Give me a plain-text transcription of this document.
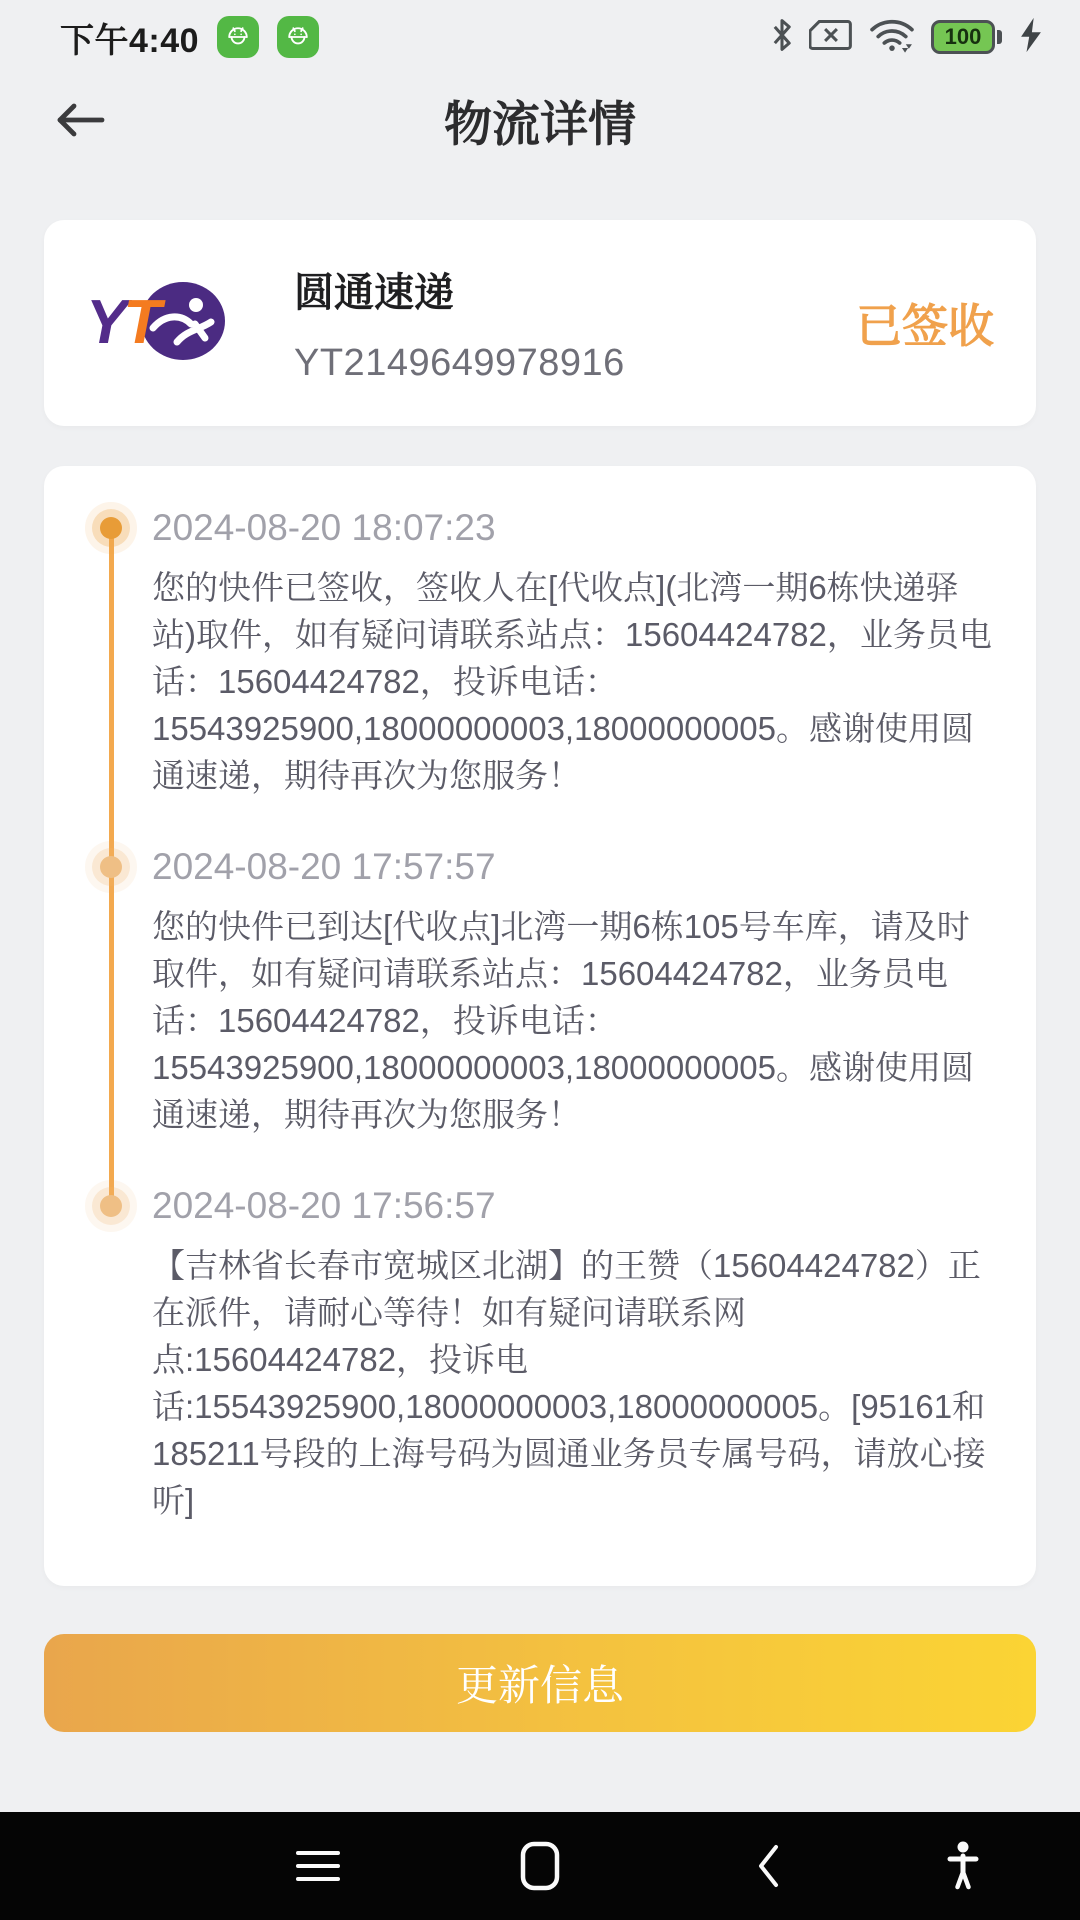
下午4:40	100
物流详情
YT	圆通速递
YT2149649978916
已签收
2024-08-20 18:07:23
您的快件已签收，签收人在[代收点](北湾一期6栋快递驿站)取件，如有疑问请联系站点：15604424782，业务员电话：15604424782，投诉电话：15543925900,18000000003,18000000005。感谢使用圆通速递，期待再次为您服务！
2024-08-20 17:57:57
您的快件已到达[代收点]北湾一期6栋105号车库，请及时取件，如有疑问请联系站点：15604424782，业务员电话：15604424782，投诉电话：15543925900,18000000003,18000000005。感谢使用圆通速递，期待再次为您服务！
2024-08-20 17:56:57
【吉林省长春市宽城区北湖】的王赞（15604424782）正在派件，请耐心等待！如有疑问请联系网点:15604424782，投诉电话:15543925900,18000000003,18000000005。[95161和185211号段的上海号码为圆通业务员专属号码，请放心接听]
更新信息
